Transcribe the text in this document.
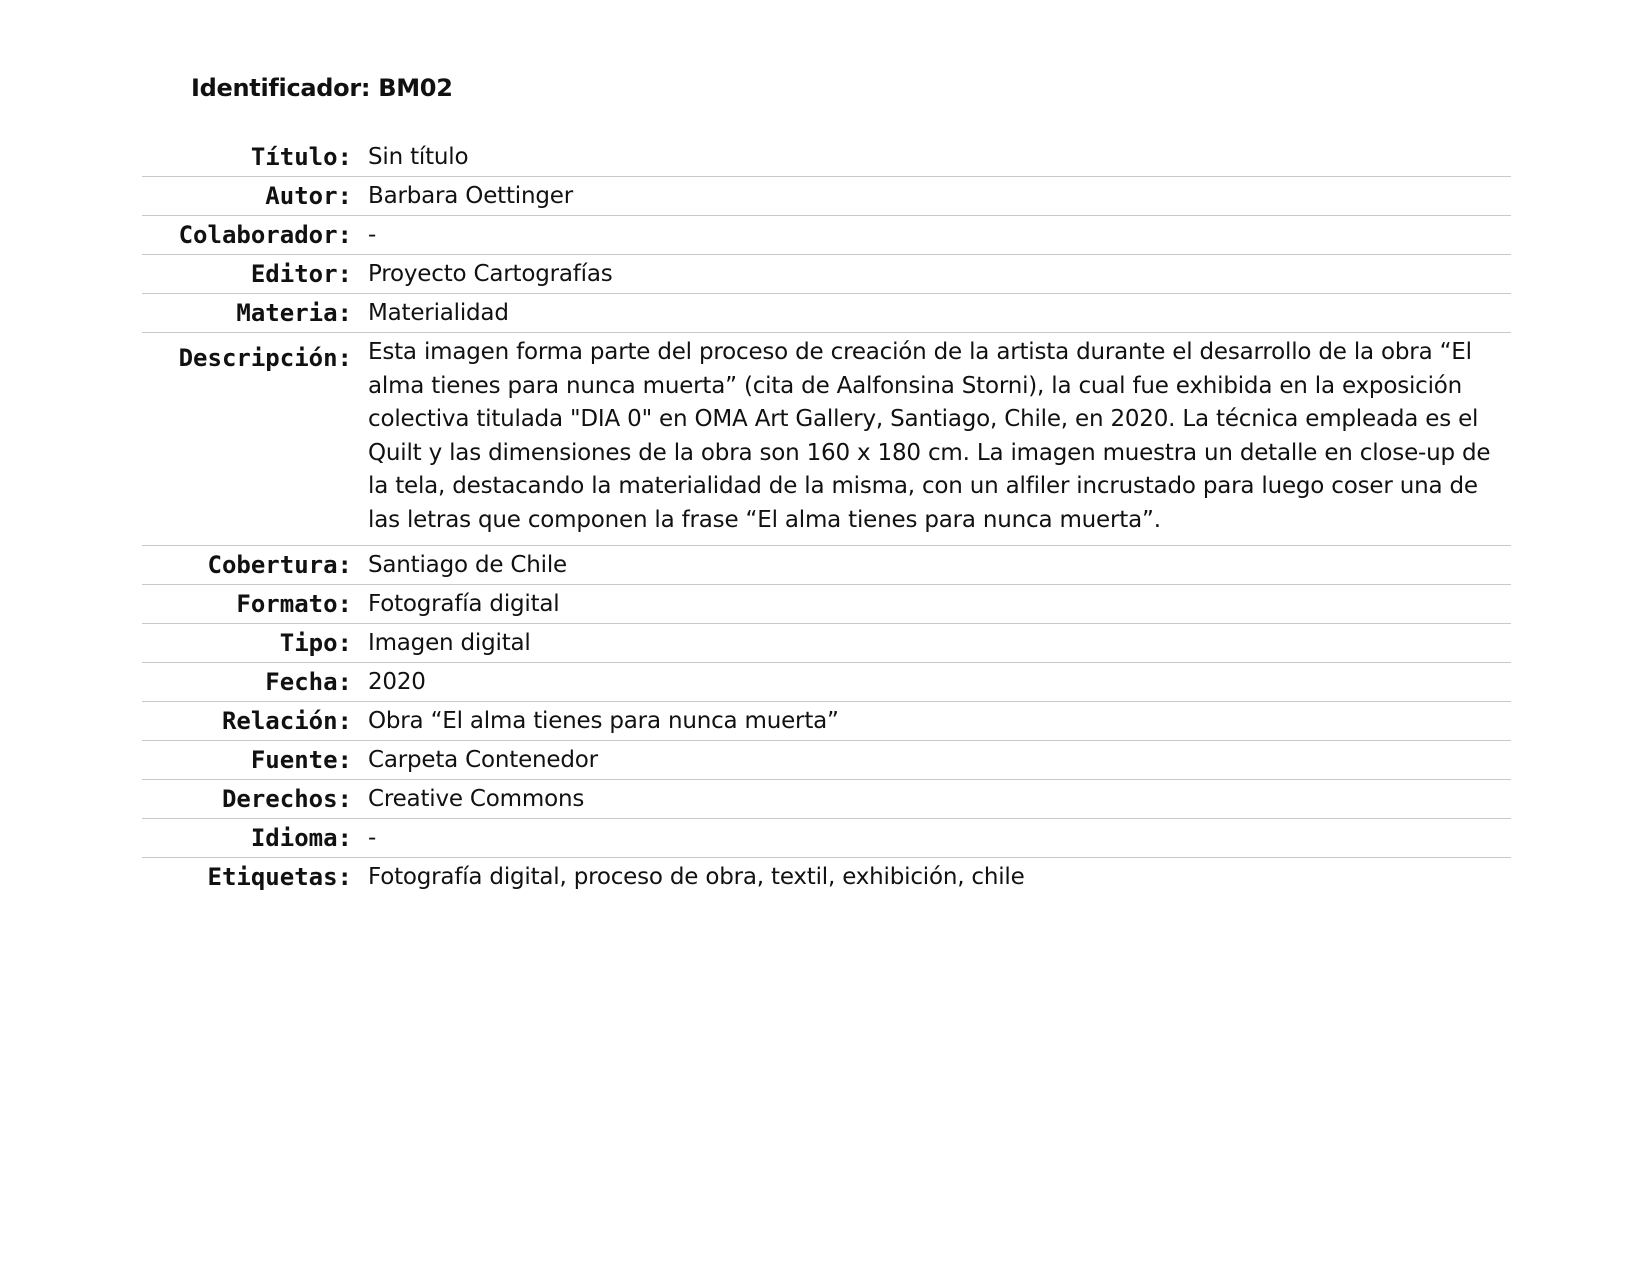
Identificador: BM02
Título:	Sin título
Autor:	Barbara Oettinger
Colaborador:	-
Editor:	Proyecto Cartografías
Materia:	Materialidad
Descripción:	Esta imagen forma parte del proceso de creación de la artista durante el desarrollo de la obra “El alma tienes para nunca muerta” (cita de Aalfonsina Storni), la cual fue exhibida en la exposición colectiva titulada "DIA 0" en OMA Art Gallery, Santiago, Chile, en 2020. La técnica empleada es el Quilt y las dimensiones de la obra son 160 x 180 cm. La imagen muestra un detalle en close-up de la tela, destacando la materialidad de la misma, con un alfiler incrustado para luego coser una de las letras que componen la frase “El alma tienes para nunca muerta”.
Cobertura:	Santiago de Chile
Formato:	Fotografía digital
Tipo:	Imagen digital
Fecha:	2020
Relación:	Obra “El alma tienes para nunca muerta”
Fuente:	Carpeta Contenedor
Derechos:	Creative Commons
Idioma:	-
Etiquetas:	Fotografía digital, proceso de obra, textil, exhibición, chile
